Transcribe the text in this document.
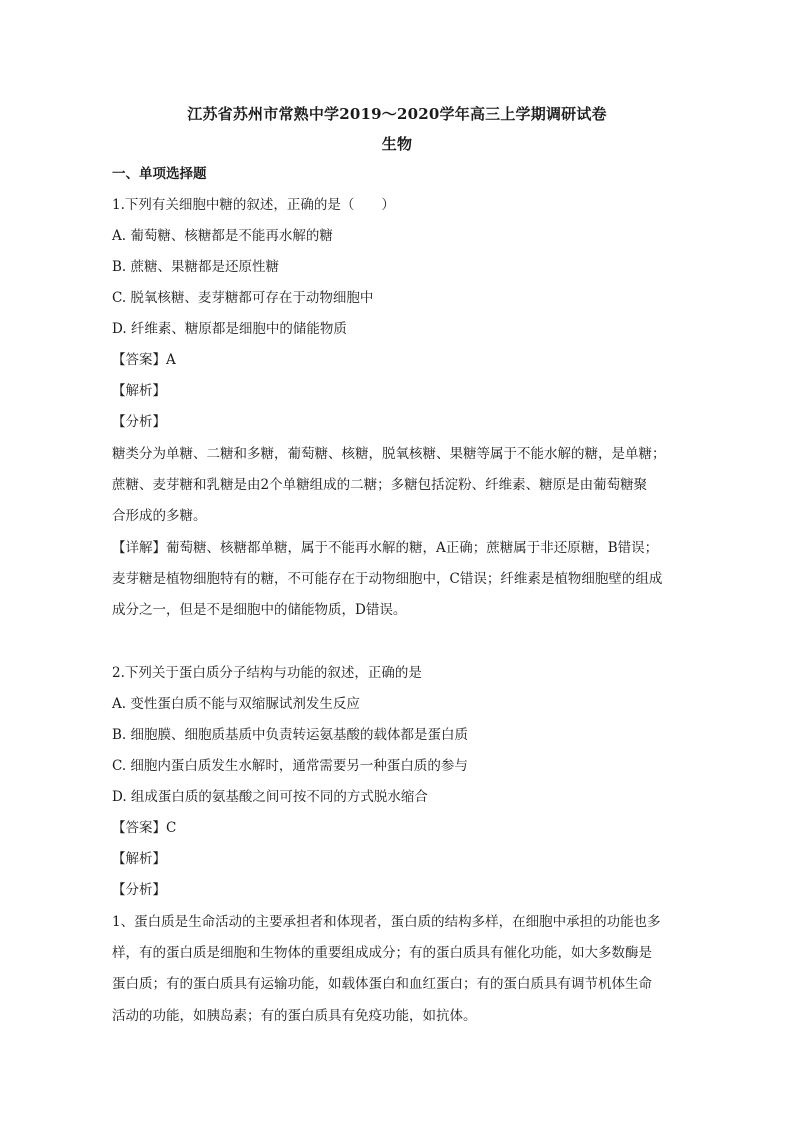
江苏省苏州市常熟中学2019～2020学年高三上学期调研试卷
生物
一、单项选择题
1.下列有关细胞中糖的叙述，正确的是（　　）
A. 葡萄糖、核糖都是不能再水解的糖
B. 蔗糖、果糖都是还原性糖
C. 脱氧核糖、麦芽糖都可存在于动物细胞中
D. 纤维素、糖原都是细胞中的储能物质
【答案】A
【解析】
【分析】
糖类分为单糖、二糖和多糖，葡萄糖、核糖，脱氧核糖、果糖等属于不能水解的糖，是单糖；
蔗糖、麦芽糖和乳糖是由2个单糖组成的二糖；多糖包括淀粉、纤维素、糖原是由葡萄糖聚
合形成的多糖。
【详解】葡萄糖、核糖都单糖，属于不能再水解的糖，A正确；蔗糖属于非还原糖，B错误；
麦芽糖是植物细胞特有的糖，不可能存在于动物细胞中，C错误；纤维素是植物细胞壁的组成
成分之一，但是不是细胞中的储能物质，D错误。
2.下列关于蛋白质分子结构与功能的叙述，正确的是
A. 变性蛋白质不能与双缩脲试剂发生反应
B. 细胞膜、细胞质基质中负责转运氨基酸的载体都是蛋白质
C. 细胞内蛋白质发生水解时，通常需要另一种蛋白质的参与
D. 组成蛋白质的氨基酸之间可按不同的方式脱水缩合
【答案】C
【解析】
【分析】
1、蛋白质是生命活动的主要承担者和体现者，蛋白质的结构多样，在细胞中承担的功能也多
样，有的蛋白质是细胞和生物体的重要组成成分；有的蛋白质具有催化功能，如大多数酶是
蛋白质；有的蛋白质具有运输功能，如载体蛋白和血红蛋白；有的蛋白质具有调节机体生命
活动的功能，如胰岛素；有的蛋白质具有免疫功能，如抗体。
